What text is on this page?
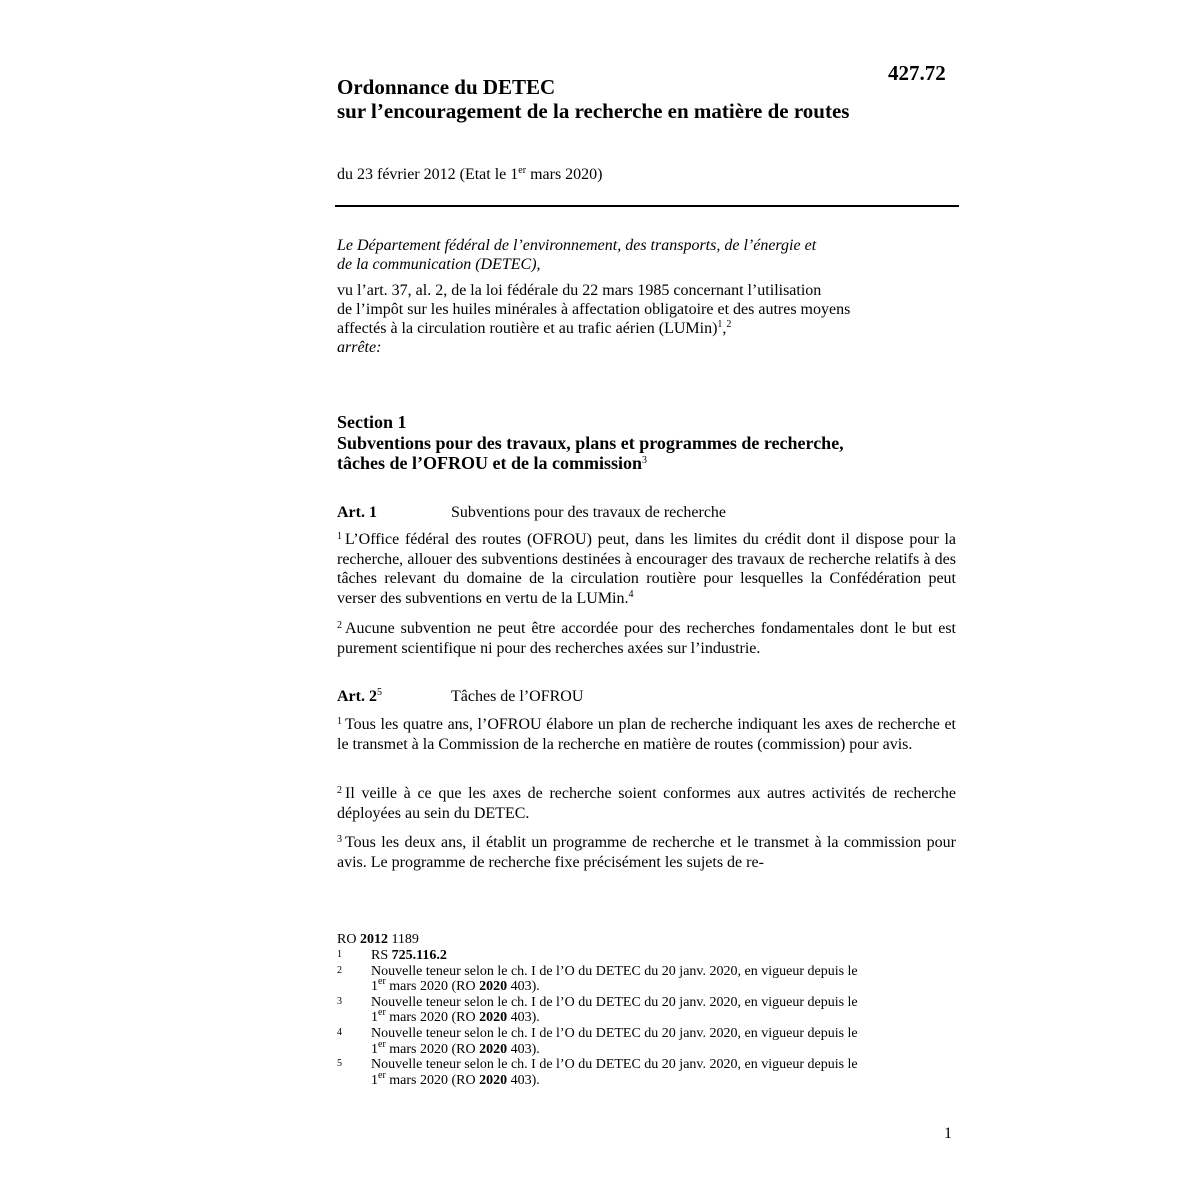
427.72
Ordonnance du DETEC
sur l’encouragement de la recherche en matière de routes
du 23 février 2012 (Etat le 1er mars 2020)

Le Département fédéral de l’environnement, des transports, de l’énergie et
de la communication (DETEC),

vu l’art. 37, al. 2, de la loi fédérale du 22 mars 1985 concernant l’utilisation
de l’impôt sur les huiles minérales à affectation obligatoire et des autres moyens
affectés à la circulation routière et au trafic aérien (LUMin)$^1$,$^2$

arrête:

Section 1
Subventions pour des travaux, plans et programmes de recherche,
tâches de l’OFROU et de la commission$^3$
Art. 1	Subventions pour des travaux de recherche

$^1$ L’Office fédéral des routes (OFROU) peut, dans les limites du crédit dont il dispose pour la recherche, allouer des subventions destinées à encourager des travaux de recherche relatifs à des tâches relevant du domaine de la circulation routière pour lesquelles la Confédération peut verser des subventions en vertu de la LUMin.$^4$

$^2$ Aucune subvention ne peut être accordée pour des recherches fondamentales dont le but est purement scientifique ni pour des recherches axées sur l’industrie.

Art. 2$^5$	Tâches de l’OFROU

$^1$ Tous les quatre ans, l’OFROU élabore un plan de recherche indiquant les axes de recherche et le transmet à la Commission de la recherche en matière de routes (commission) pour avis.

$^2$ Il veille à ce que les axes de recherche soient conformes aux autres activités de recherche déployées au sein du DETEC.

$^3$ Tous les deux ans, il établit un programme de recherche et le transmet à la commission pour avis. Le programme de recherche fixe précisément les sujets de re-

RO 2012 1189

1	RS 725.116.2

2	Nouvelle teneur selon le ch. I de l’O du DETEC du 20 janv. 2020, en vigueur depuis le
1er mars 2020 (RO 2020 403).

3	Nouvelle teneur selon le ch. I de l’O du DETEC du 20 janv. 2020, en vigueur depuis le
1er mars 2020 (RO 2020 403).

4	Nouvelle teneur selon le ch. I de l’O du DETEC du 20 janv. 2020, en vigueur depuis le
1er mars 2020 (RO 2020 403).

5	Nouvelle teneur selon le ch. I de l’O du DETEC du 20 janv. 2020, en vigueur depuis le
1er mars 2020 (RO 2020 403).

1
